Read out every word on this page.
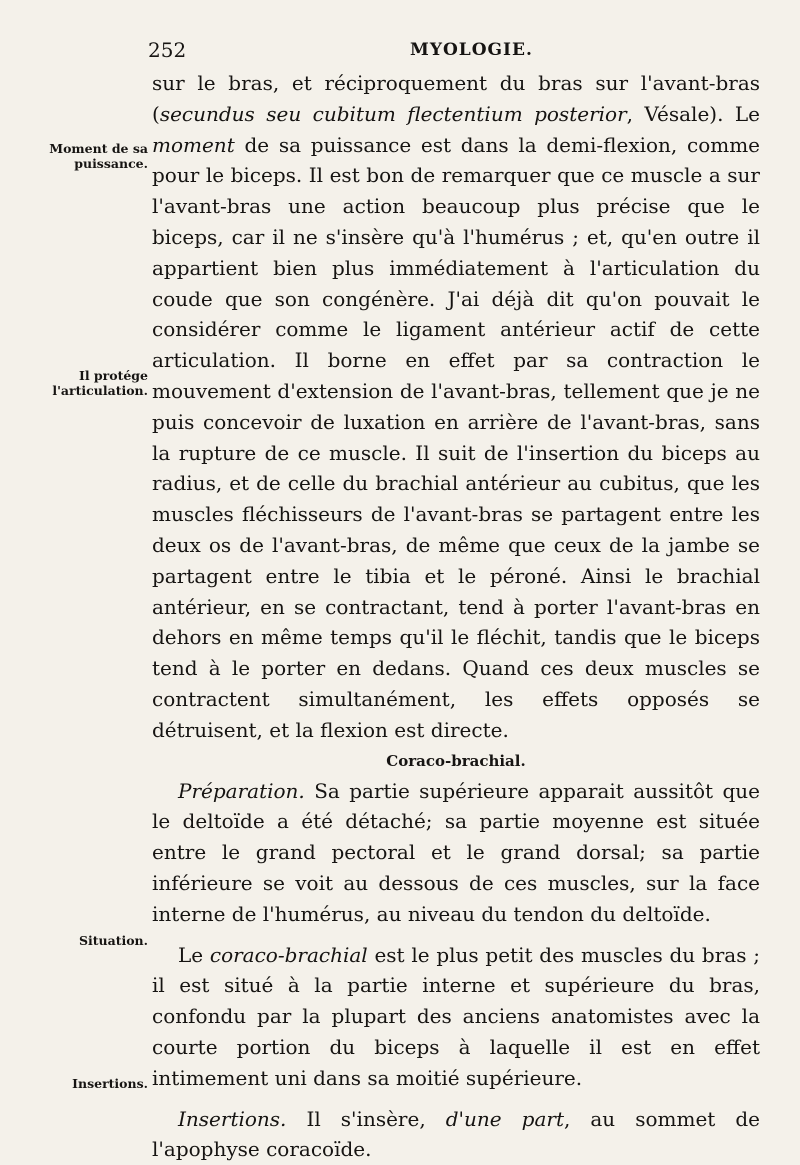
252	MYOLOGIE.
Moment de sa
puissance.
Il protége
l'articulation.
Situation.
Insertions.

sur le bras, et réciproquement du bras sur l'avant-bras (secundus seu cubitum flectentium posterior, Vésale). Le moment de sa puissance est dans la demi-flexion, comme pour le biceps. Il est bon de remarquer que ce muscle a sur l'avant-bras une action beaucoup plus précise que le biceps, car il ne s'insère qu'à l'humérus ; et, qu'en outre il appartient bien plus immédiatement à l'articulation du coude que son congénère. J'ai déjà dit qu'on pouvait le considérer comme le ligament antérieur actif de cette articulation. Il borne en effet par sa contraction le mouvement d'extension de l'avant-bras, tellement que je ne puis concevoir de luxation en arrière de l'avant-bras, sans la rupture de ce muscle. Il suit de l'insertion du biceps au radius, et de celle du brachial antérieur au cubitus, que les muscles fléchisseurs de l'avant-bras se partagent entre les deux os de l'avant-bras, de même que ceux de la jambe se partagent entre le tibia et le péroné. Ainsi le brachial antérieur, en se contractant, tend à porter l'avant-bras en dehors en même temps qu'il le fléchit, tandis que le biceps tend à le porter en dedans. Quand ces deux muscles se contractent simultanément, les effets opposés se détruisent, et la flexion est directe.

Coraco-brachial.

Préparation. Sa partie supérieure apparait aussitôt que le deltoïde a été détaché; sa partie moyenne est située entre le grand pectoral et le grand dorsal; sa partie inférieure se voit au dessous de ces muscles, sur la face interne de l'humérus, au niveau du tendon du deltoïde.

Le coraco-brachial est le plus petit des muscles du bras ; il est situé à la partie interne et supérieure du bras, confondu par la plupart des anciens anatomistes avec la courte portion du biceps à laquelle il est en effet intimement uni dans sa moitié supérieure.

Insertions. Il s'insère, d'une part, au sommet de l'apophyse coracoïde.
